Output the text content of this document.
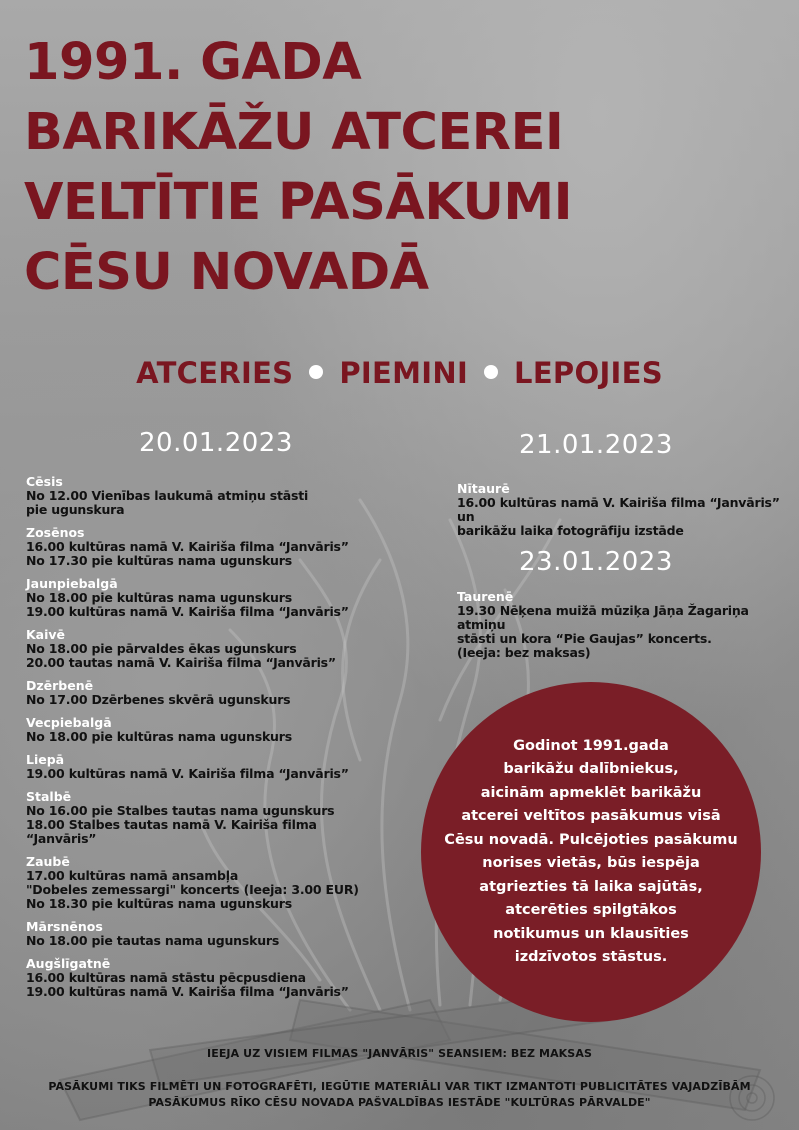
1991. GADA
BARIKĀŽU ATCEREI
VELTĪTIE PASĀKUMI
CĒSU NOVADĀ
ATCERIES PIEMINI LEPOJIES
20.01.2023	21.01.2023
23.01.2023
Cēsis
No 12.00 Vienības laukumā atmiņu stāsti
pie ugunskura
Zosēnos
16.00 kultūras namā V. Kairiša filma “Janvāris”
No 17.30 pie kultūras nama ugunskurs
Jaunpiebalgā
No 18.00 pie kultūras nama ugunskurs
19.00 kultūras namā V. Kairiša filma “Janvāris”
Kaivē
No 18.00 pie pārvaldes ēkas ugunskurs
20.00 tautas namā V. Kairiša filma “Janvāris”
Dzērbenē
No 17.00 Dzērbenes skvērā ugunskurs
Vecpiebalgā
No 18.00 pie kultūras nama ugunskurs
Liepā
19.00 kultūras namā V. Kairiša filma “Janvāris”
Stalbē
No 16.00 pie Stalbes tautas nama ugunskurs
18.00 Stalbes tautas namā V. Kairiša filma “Janvāris”
Zaubē
17.00 kultūras namā ansambļa
"Dobeles zemessargi" koncerts (Ieeja: 3.00 EUR)
No 18.30 pie kultūras nama ugunskurs
Mārsnēnos
No 18.00 pie tautas nama ugunskurs
Augšlīgatnē
16.00 kultūras namā stāstu pēcpusdiena
19.00 kultūras namā V. Kairiša filma “Janvāris”
Nītaurē
16.00 kultūras namā V. Kairiša filma “Janvāris” un
barikāžu laika fotogrāfiju izstāde
Taurenē
19.30 Nēķena muižā mūziķa Jāņa Žagariņa atmiņu
stāsti un kora “Pie Gaujas” koncerts.
(Ieeja: bez maksas)
Godinot 1991.gada
barikāžu dalībniekus,
aicinām apmeklēt barikāžu
atcerei veltītos pasākumus visā
Cēsu novadā. Pulcējoties pasākumu
norises vietās, būs iespēja
atgriezties tā laika sajūtās,
atcerēties spilgtākos
notikumus un klausīties
izdzīvotos stāstus.
IEEJA UZ VISIEM FILMAS "JANVĀRIS" SEANSIEM: BEZ MAKSAS
PASĀKUMI TIKS FILMĒTI UN FOTOGRAFĒTI, IEGŪTIE MATERIĀLI VAR TIKT IZMANTOTI PUBLICITĀTES VAJADZĪBĀM
PASĀKUMUS RĪKO CĒSU NOVADA PAŠVALDĪBAS IESTĀDE "KULTŪRAS PĀRVALDE"
